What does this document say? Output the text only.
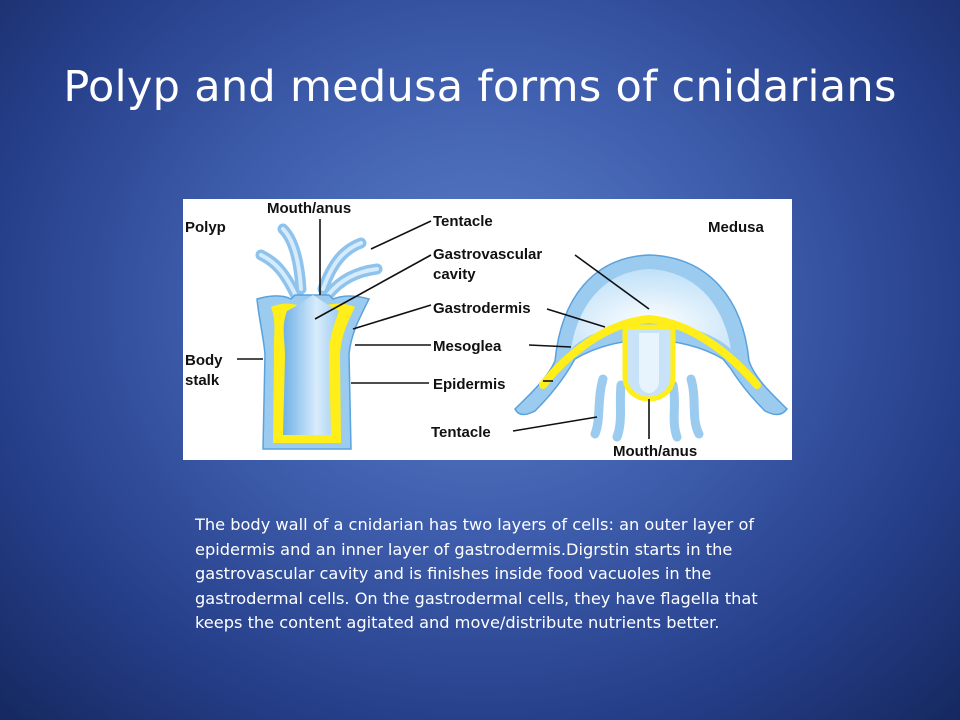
Polyp and medusa forms of cnidarians
Polyp	Medusa
Mouth/anus
Tentacle
Gastrovascular
cavity
Gastrodermis
Mesoglea
Epidermis
Body
stalk
Tentacle
Mouth/anus
The body wall of a cnidarian has two layers of cells: an outer layer of epidermis and an inner layer of gastrodermis.Digrstin starts in the gastrovascular cavity and is finishes inside food vacuoles in the gastrodermal cells. On the gastrodermal cells, they have flagella that keeps the content agitated and move/distribute nutrients better.
